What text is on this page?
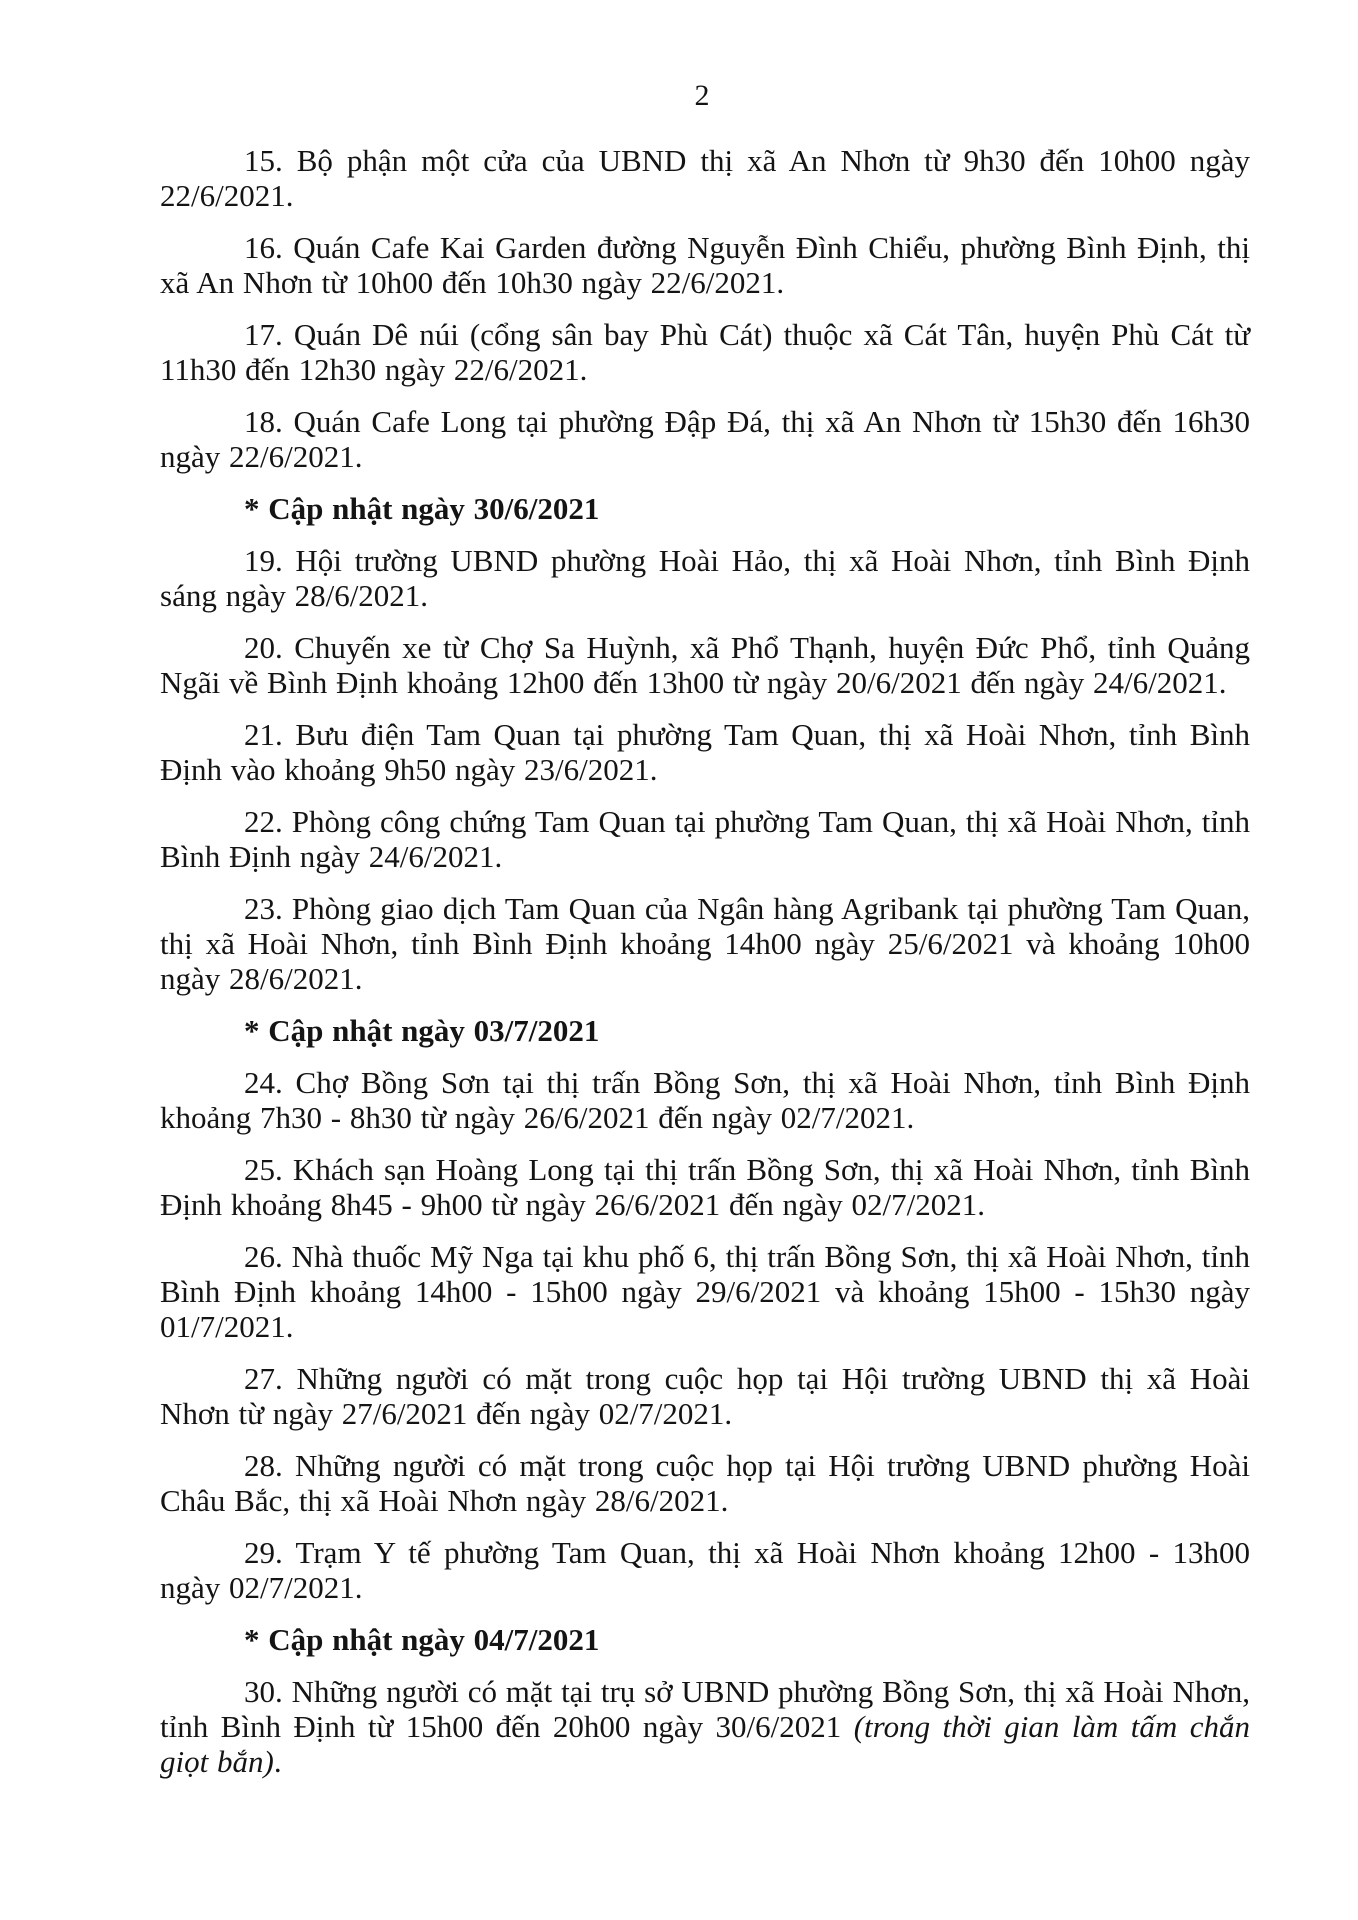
2

15. Bộ phận một cửa của UBND thị xã An Nhơn từ 9h30 đến 10h00 ngày 22/6/2021.

16. Quán Cafe Kai Garden đường Nguyễn Đình Chiểu, phường Bình Định, thị xã An Nhơn từ 10h00 đến 10h30 ngày 22/6/2021.

17. Quán Dê núi (cổng sân bay Phù Cát) thuộc xã Cát Tân, huyện Phù Cát từ 11h30 đến 12h30 ngày 22/6/2021.

18. Quán Cafe Long tại phường Đập Đá, thị xã An Nhơn từ 15h30 đến 16h30 ngày 22/6/2021.

* Cập nhật ngày 30/6/2021

19. Hội trường UBND phường Hoài Hảo, thị xã Hoài Nhơn, tỉnh Bình Định sáng ngày 28/6/2021.

20. Chuyến xe từ Chợ Sa Huỳnh, xã Phổ Thạnh, huyện Đức Phổ, tỉnh Quảng Ngãi về Bình Định khoảng 12h00 đến 13h00 từ ngày 20/6/2021 đến ngày 24/6/2021.

21. Bưu điện Tam Quan tại phường Tam Quan, thị xã Hoài Nhơn, tỉnh Bình Định vào khoảng 9h50 ngày 23/6/2021.

22. Phòng công chứng Tam Quan tại phường Tam Quan, thị xã Hoài Nhơn, tỉnh Bình Định ngày 24/6/2021.

23. Phòng giao dịch Tam Quan của Ngân hàng Agribank tại phường Tam Quan, thị xã Hoài Nhơn, tỉnh Bình Định khoảng 14h00 ngày 25/6/2021 và khoảng 10h00 ngày 28/6/2021.

* Cập nhật ngày 03/7/2021

24. Chợ Bồng Sơn tại thị trấn Bồng Sơn, thị xã Hoài Nhơn, tỉnh Bình Định khoảng 7h30 - 8h30 từ ngày 26/6/2021 đến ngày 02/7/2021.

25. Khách sạn Hoàng Long tại thị trấn Bồng Sơn, thị xã Hoài Nhơn, tỉnh Bình Định khoảng 8h45 - 9h00 từ ngày 26/6/2021 đến ngày 02/7/2021.

26. Nhà thuốc Mỹ Nga tại khu phố 6, thị trấn Bồng Sơn, thị xã Hoài Nhơn, tỉnh Bình Định khoảng 14h00 - 15h00 ngày 29/6/2021 và khoảng 15h00 - 15h30 ngày 01/7/2021.

27. Những người có mặt trong cuộc họp tại Hội trường UBND thị xã Hoài Nhơn từ ngày 27/6/2021 đến ngày 02/7/2021.

28. Những người có mặt trong cuộc họp tại Hội trường UBND phường Hoài Châu Bắc, thị xã Hoài Nhơn ngày 28/6/2021.

29. Trạm Y tế phường Tam Quan, thị xã Hoài Nhơn khoảng 12h00 - 13h00 ngày 02/7/2021.

* Cập nhật ngày 04/7/2021

30. Những người có mặt tại trụ sở UBND phường Bồng Sơn, thị xã Hoài Nhơn, tỉnh Bình Định từ 15h00 đến 20h00 ngày 30/6/2021 (trong thời gian làm tấm chắn giọt bắn).
